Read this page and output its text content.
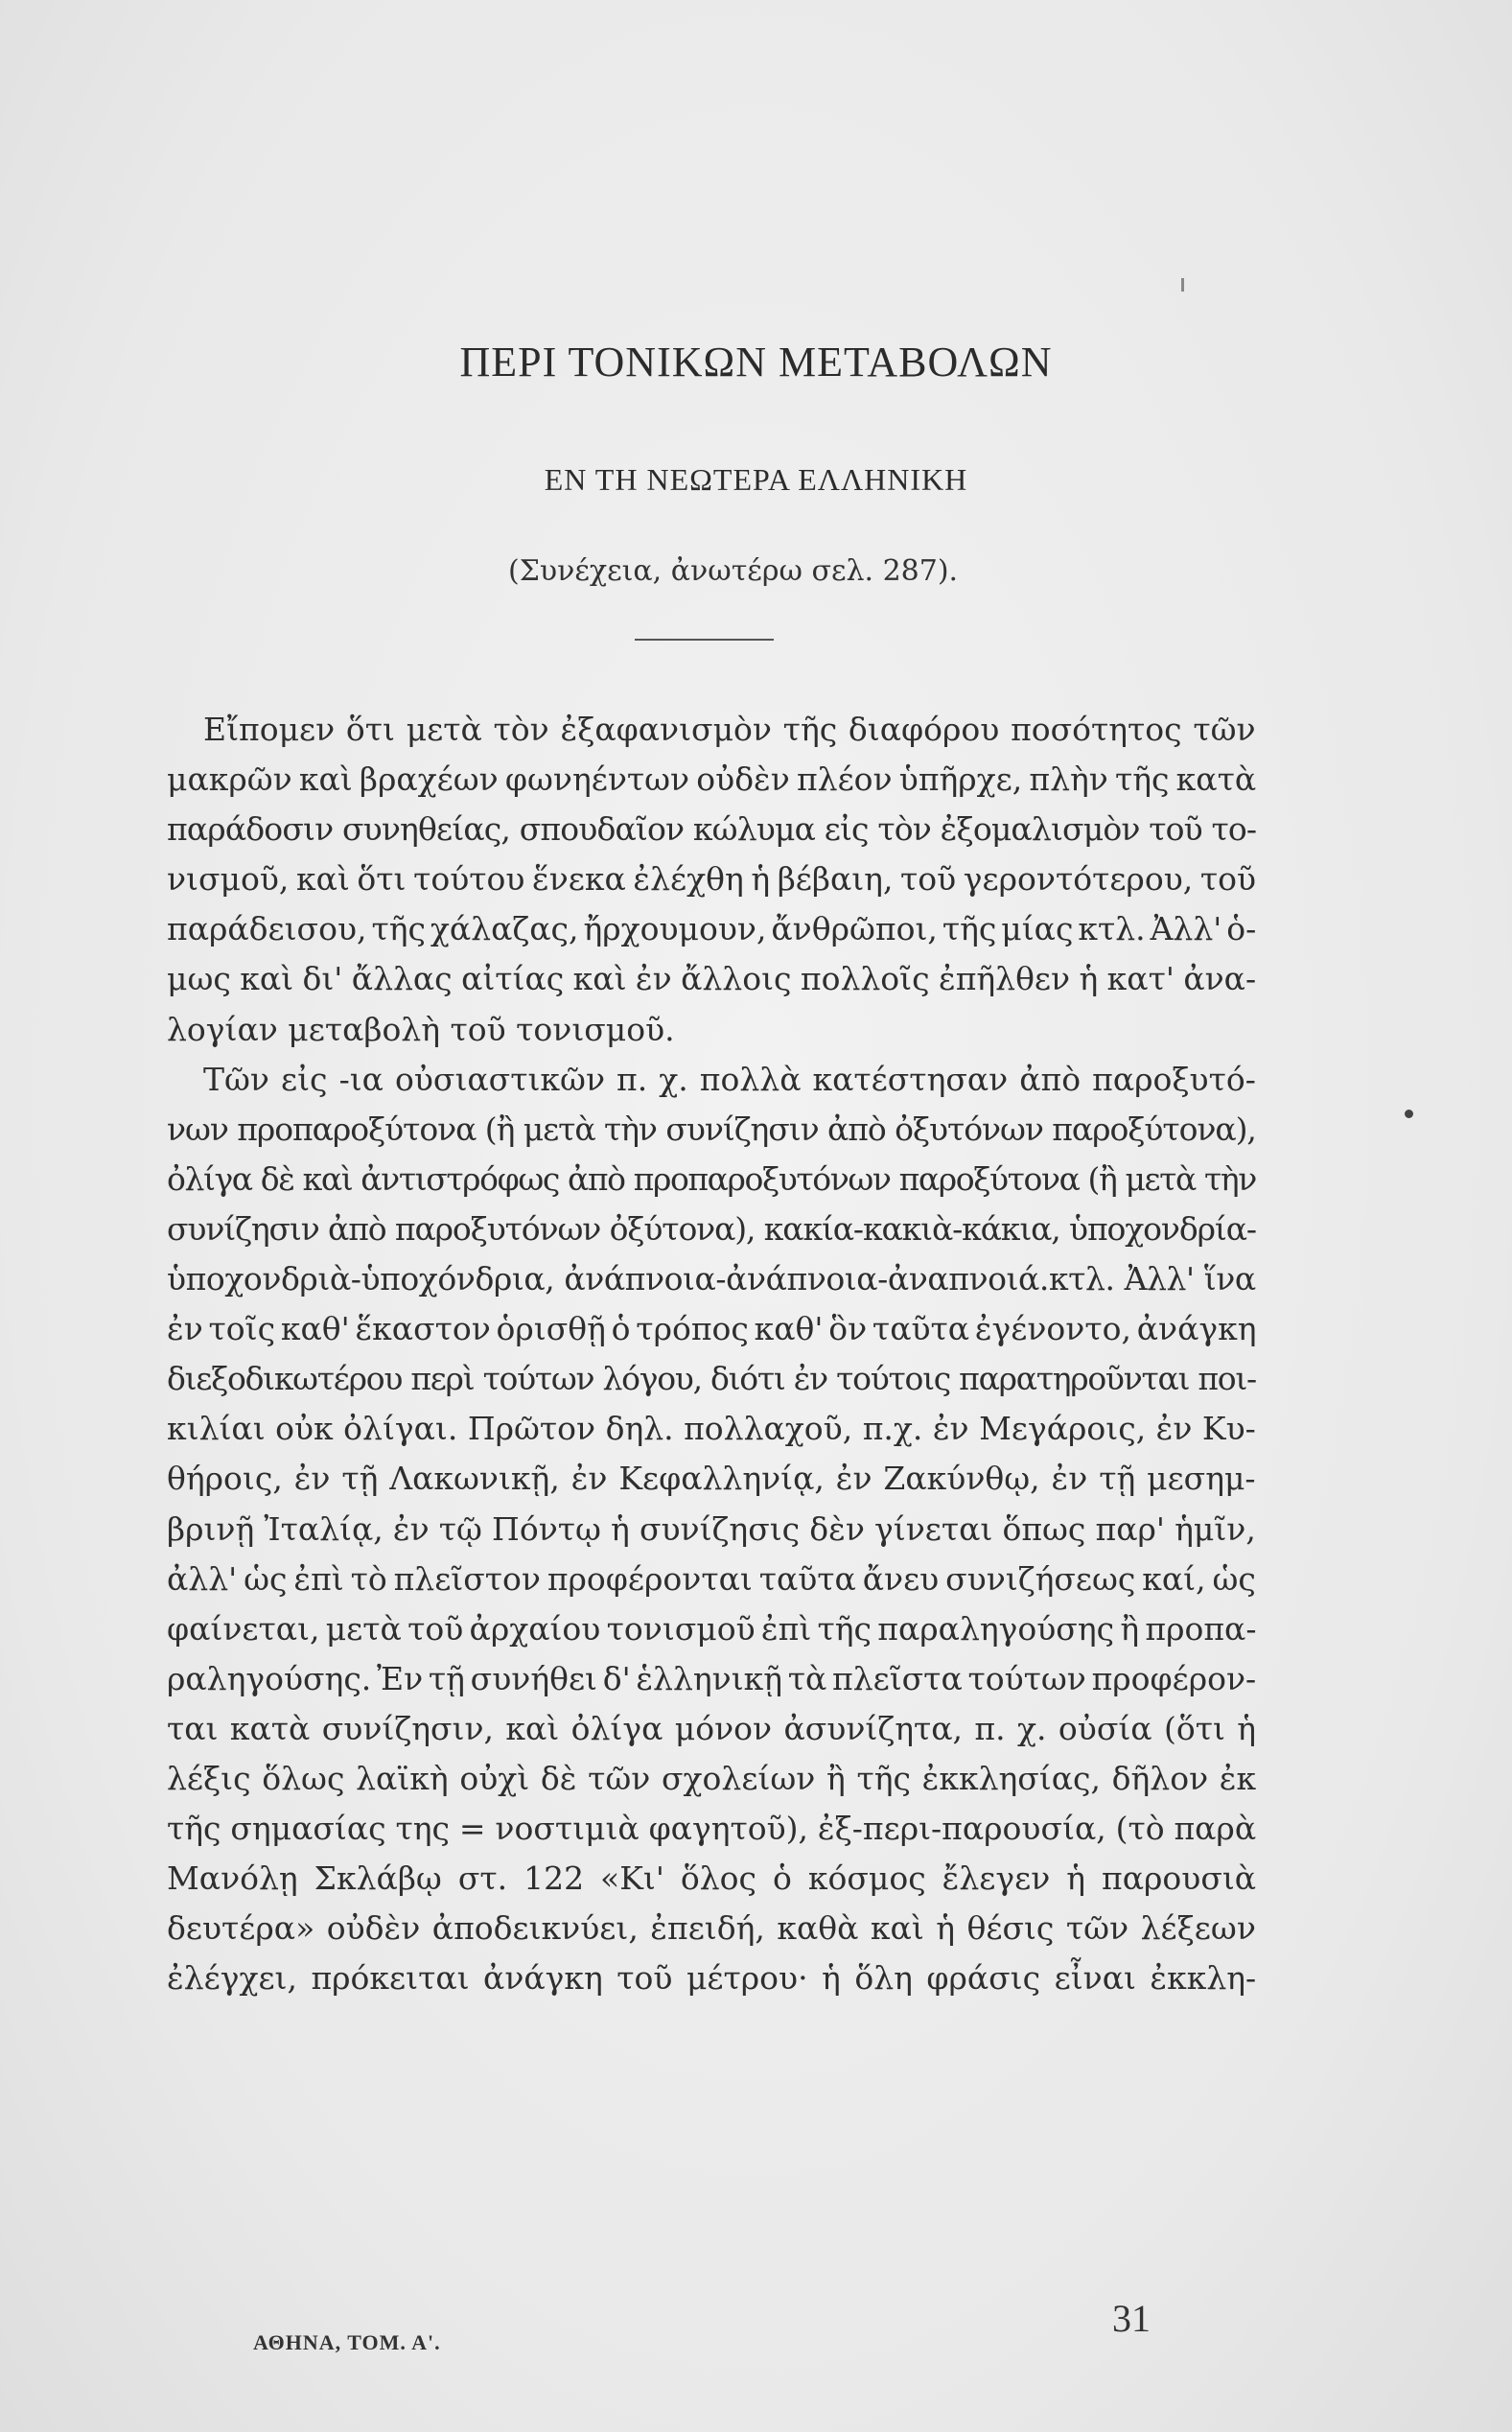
ΠΕΡΙ ΤΟΝΙΚΩΝ ΜΕΤΑΒΟΛΩΝ
ΕΝ ΤΗ ΝΕΩΤΕΡΑ ΕΛΛΗΝΙΚΗ
(Συνέχεια, ἀνωτέρω σελ. 287).
Εἴπομεν ὅτι μετὰ τὸν ἐξαφανισμὸν τῆς διαφόρου ποσότητος τῶν
μακρῶν καὶ βραχέων φωνηέντων οὐδὲν πλέον ὑπῆρχε, πλὴν τῆς κατὰ
παράδοσιν συνηθείας, σπουδαῖον κώλυμα εἰς τὸν ἐξομαλισμὸν τοῦ το-
νισμοῦ, καὶ ὅτι τούτου ἕνεκα ἐλέχθη ἡ βέβαιη, τοῦ γεροντότερου, τοῦ
παράδεισου, τῆς χάλαζας, ἤρχουμουν, ἄνθρῶποι, τῆς μίας κτλ. Ἀλλ' ὁ-
μως καὶ δι' ἄλλας αἰτίας καὶ ἐν ἄλλοις πολλοῖς ἐπῆλθεν ἡ κατ' ἀνα-
λογίαν μεταβολὴ τοῦ τονισμοῦ.
Τῶν εἰς -ια οὐσιαστικῶν π. χ. πολλὰ κατέστησαν ἀπὸ παροξυτό-
νων προπαροξύτονα (ἢ μετὰ τὴν συνίζησιν ἀπὸ ὀξυτόνων παροξύτονα),
ὀλίγα δὲ καὶ ἀντιστρόφως ἀπὸ προπαροξυτόνων παροξύτονα (ἢ μετὰ τὴν
συνίζησιν ἀπὸ παροξυτόνων ὀξύτονα), κακία-κακιὰ-κάκια, ὑποχονδρία-
ὑποχονδριὰ-ὑποχόνδρια, ἀνάπνοια-ἀνάπνοια-ἀναπνοιά.κτλ. Ἀλλ' ἵνα
ἐν τοῖς καθ' ἕκαστον ὁρισθῇ ὁ τρόπος καθ' ὃν ταῦτα ἐγένοντο, ἀνάγκη
διεξοδικωτέρου περὶ τούτων λόγου, διότι ἐν τούτοις παρατηροῦνται ποι-
κιλίαι οὐκ ὀλίγαι. Πρῶτον δηλ. πολλαχοῦ, π.χ. ἐν Μεγάροις, ἐν Κυ-
θήροις, ἐν τῇ Λακωνικῇ, ἐν Κεφαλληνίᾳ, ἐν Ζακύνθῳ, ἐν τῇ μεσημ-
βρινῇ Ἰταλίᾳ, ἐν τῷ Πόντῳ ἡ συνίζησις δὲν γίνεται ὅπως παρ' ἡμῖν,
ἀλλ' ὡς ἐπὶ τὸ πλεῖστον προφέρονται ταῦτα ἄνευ συνιζήσεως καί, ὡς
φαίνεται, μετὰ τοῦ ἀρχαίου τονισμοῦ ἐπὶ τῆς παραληγούσης ἢ προπα-
ραληγούσης. Ἐν τῇ συνήθει δ' ἑλληνικῇ τὰ πλεῖστα τούτων προφέρον-
ται κατὰ συνίζησιν, καὶ ὀλίγα μόνον ἀσυνίζητα, π. χ. οὐσία (ὅτι ἡ
λέξις ὅλως λαϊκὴ οὐχὶ δὲ τῶν σχολείων ἢ τῆς ἐκκλησίας, δῆλον ἐκ
τῆς σημασίας της = νοστιμιὰ φαγητοῦ), ἐξ-περι-παρουσία, (τὸ παρὰ
Μανόλῃ Σκλάβῳ στ. 122 «Κι' ὅλος ὁ κόσμος ἔλεγεν ἡ παρουσιὰ
δευτέρα» οὐδὲν ἀποδεικνύει, ἐπειδή, καθὰ καὶ ἡ θέσις τῶν λέξεων
ἐλέγχει, πρόκειται ἀνάγκη τοῦ μέτρου· ἡ ὅλη φράσις εἶναι ἐκκλη-
ΑΘΗΝΑ, ΤΟΜ. Α'.
31
